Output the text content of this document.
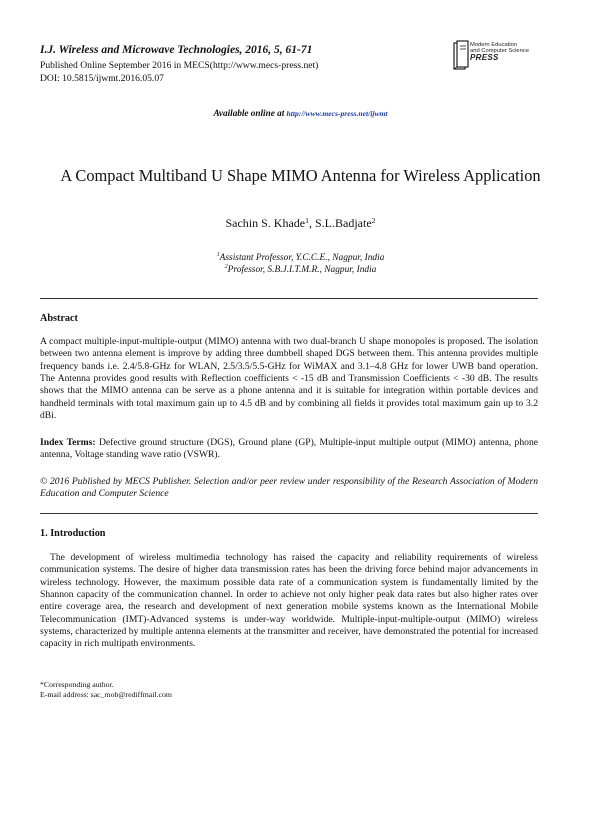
I.J. Wireless and Microwave Technologies, 2016, 5, 61-71
Published Online September 2016 in MECS(http://www.mecs-press.net)
DOI: 10.5815/ijwmt.2016.05.07
Modern Education
and Computer Science
PRESS
Available online at http://www.mecs-press.net/ijwmt
A Compact Multiband U Shape MIMO Antenna for Wireless Application
Sachin S. Khade$^1$, S.L.Badjate$^2$
$^1$Assistant Professor, Y.C.C.E., Nagpur, India
$^2$Professor, S.B.J.I.T.M.R., Nagpur, India
Abstract
A compact multiple-input-multiple-output (MIMO) antenna with two dual-branch U shape monopoles is proposed. The isolation between two antenna element is improve by adding three dumbbell shaped DGS between them. This antenna provides multiple frequency bands i.e. 2.4/5.8-GHz for WLAN, 2.5/3.5/5.5-GHz for WiMAX and 3.1–4.8 GHz for lower UWB band operation. The Antenna provides good results with Reflection coefficients < -15 dB and Transmission Coefficients < -30 dB. The results shows that the MIMO antenna can be serve as a phone antenna and it is suitable for integration within portable devices and handheld terminals with total maximum gain up to 4.5 dB and by combining all fields it provides total maximum gain up to 3.2 dBi.
Index Terms: Defective ground structure (DGS), Ground plane (GP), Multiple-input multiple output (MIMO) antenna, phone antenna, Voltage standing wave ratio (VSWR).
© 2016 Published by MECS Publisher. Selection and/or peer review under responsibility of the Research Association of Modern Education and Computer Science
1. Introduction
The development of wireless multimedia technology has raised the capacity and reliability requirements of wireless communication systems. The desire of higher data transmission rates has been the driving force behind major advancements in wireless technology. However, the maximum possible data rate of a communication system is fundamentally limited by the Shannon capacity of the communication channel. In order to achieve not only higher peak data rates but also higher rates over entire coverage area, the research and development of next generation mobile systems known as the International Mobile Telecommunication (IMT)-Advanced systems is under-way worldwide. Multiple-input-multiple-output (MIMO) wireless systems, characterized by multiple antenna elements at the transmitter and receiver, have demonstrated the potential for increased capacity in rich multipath environments.
*Corresponding author.
E-mail address: sac_mob@rediffmail.com
